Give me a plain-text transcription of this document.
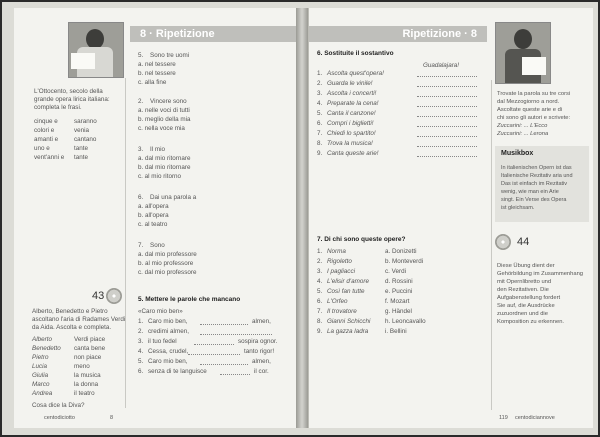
8 · Ripetizione
L'Ottocento, secolo della
grande opera lirica italiana:
completa le frasi.
cinque e	saranno
colori e	venia
amanti e	cantano
uno e	tante
vent'anni e tante
5. Sono tre uomi
a. nel tessere
b. nel tessere
c. alla fine
2. Vincere sono
a. nelle voci di tutti
b. meglio della mia
c. nella voce mia
3. Il mio
a. dal mio ritornare
b. dal mio ritornare
c. al mio ritorno
6. Dai una parola a
a. all'opera
b. all'opera
c. al teatro
7. Sono
a. dal mio professore
b. al mio professore
c. dal mio professore
5. Mettere le parole che mancano
«Caro mio ben»
1. Caro mio ben,	almen,
2. credimi almen,
3. il tuo fedel	sospira ognor.
4. Cessa, crudel,	tanto rigor!
5. Caro mio ben,	almen,
6. senza di te languisce	il cor.
43
Alberto, Benedetto e Pietro
ascoltano l'aria di Radames Verdi
da Aida. Ascolta e completa.
Alberto	Verdi piace
Benedetto canta bene
Pietro	non piace
Lucia	meno
Giulia	la musica
Marco	la donna
Andrea	il teatro
Cosa dice la Diva?
centodiciotto	8
Ripetizione · 8
6. Sostituite il sostantivo
Guadalajara!
1. Ascolta quest'opera!
2. Guarda le vinile!
3. Ascolta i concerti!
4. Preparate la cena!
5. Canta il canzone!
6. Compri i biglietti!
7. Chiedi lo spartito!
8. Trova la musica!
9. Canta queste arie!
7. Di chi sono queste opere?
1. Norma	a. Donizetti
2. Rigoletto	b. Monteverdi
3. I pagliacci	c. Verdi
4. L'elisir d'amore	d. Rossini
5. Così fan tutte	e. Puccini
6. L'Orfeo	f. Mozart
7. Il trovatore	g. Händel
8. Gianni Schicchi h. Leoncavallo
9. La gazza ladra	i. Bellini
Trovate la parola su tre corsi
dal Mezzogiorno a nord.
Ascoltate queste arie e di
chi sono gli autori e scrivete:
Zuccarini: ... L'Ecco
Zuccarini: ... Lerona
Musikbox
In italienischen Opern ist das
Italienische Rezitativ aria und
Das ist einfach im Rezitativ
wenig, wie man ein Arie
singt. Ein Verse des Opera
ist gleichsam.
44
Diese Übung dient der
Gehörbildung im Zusammenhang
mit Opernlibretto und
den Rezitativen. Die
Aufgabenstellung fordert
Sie auf, die Ausdrücke
zuzuordnen und die
Komposition zu erkennen.
119 centodiciannove
